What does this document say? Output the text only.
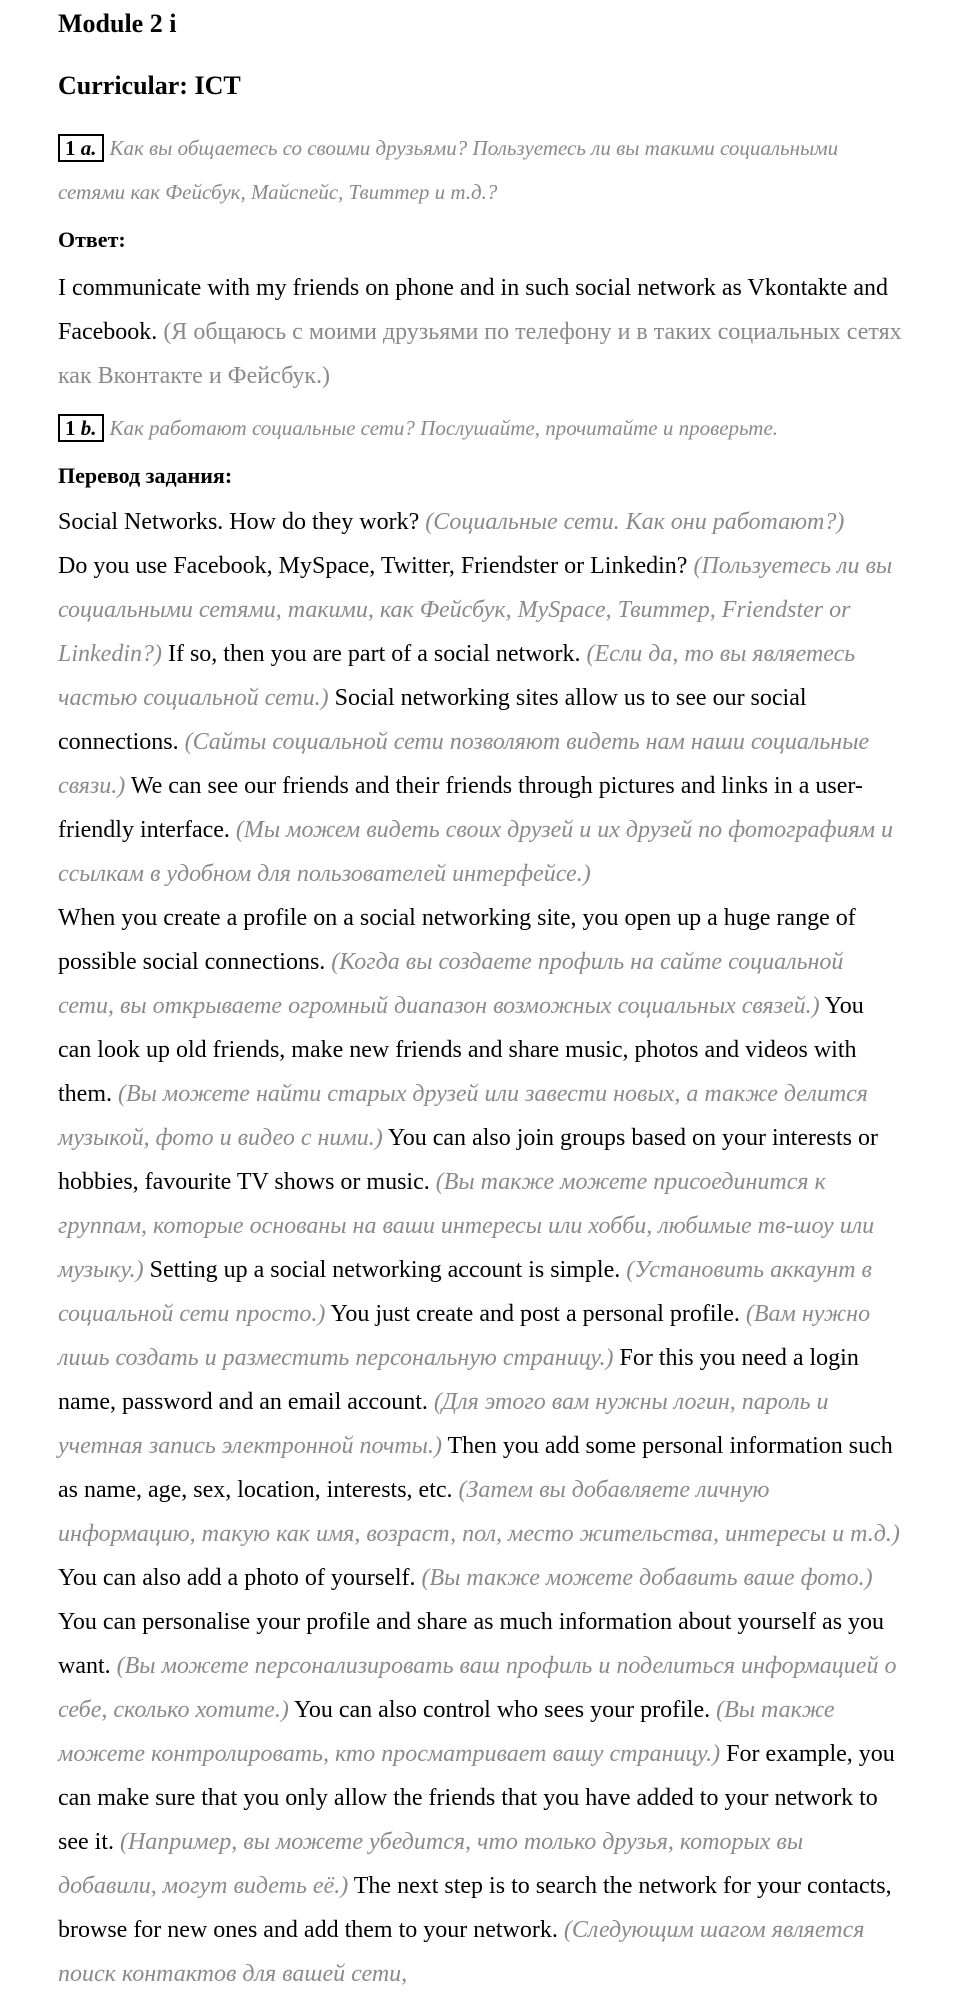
Module 2 i
Curricular: ICT

1 a. Как вы общаетесь со своими друзьями? Пользуетесь ли вы такими социальными сетями как Фейсбук, Майспейс, Твиттер и т.д.?

Ответ:

I communicate with my friends on phone and in such social network as Vkontakte and Facebook. (Я общаюсь с моими друзьями по телефону и в таких социальных сетях как Вконтакте и Фейсбук.)

1 b. Как работают социальные сети? Послушайте, прочитайте и проверьте.

Перевод задания:

Social Networks. How do they work? (Социальные сети. Как они работают?)

Do you use Facebook, MySpace, Twitter, Friendster or Linkedin? (Пользуетесь ли вы социальными сетями, такими, как Фейсбук, MySpace, Твиттер, Friendster or Linkedin?) If so, then you are part of a social network. (Если да, то вы являетесь частью социальной сети.) Social networking sites allow us to see our social connections. (Сайты социальной сети позволяют видеть нам наши социальные связи.) We can see our friends and their friends through pictures and links in a user-friendly interface. (Мы можем видеть своих друзей и их друзей по фотографиям и ссылкам в удобном для пользователей интерфейсе.)

When you create a profile on a social networking site, you open up a huge range of possible social connections. (Когда вы создаете профиль на сайте социальной сети, вы открываете огромный диапазон возможных социальных связей.) You can look up old friends, make new friends and share music, photos and videos with them. (Вы можете найти старых друзей или завести новых, а также делится музыкой, фото и видео с ними.) You can also join groups based on your interests or hobbies, favourite TV shows or music. (Вы также можете присоединится к группам, которые основаны на ваши интересы или хобби, любимые тв-шоу или музыку.) Setting up a social networking account is simple. (Установить аккаунт в социальной сети просто.) You just create and post a personal profile. (Вам нужно лишь создать и разместить персональную страницу.) For this you need a login name, password and an email account. (Для этого вам нужны логин, пароль и учетная запись электронной почты.) Then you add some personal information such as name, age, sex, location, interests, etc. (Затем вы добавляете личную информацию, такую как имя, возраст, пол, место жительства, интересы и т.д.) You can also add a photo of yourself. (Вы также можете добавить ваше фото.) You can personalise your profile and share as much information about yourself as you want. (Вы можете персонализировать ваш профиль и поделиться информацией о себе, сколько хотите.) You can also control who sees your profile. (Вы также можете контролировать, кто просматривает вашу страницу.) For example, you can make sure that you only allow the friends that you have added to your network to see it. (Например, вы можете убедится, что только друзья, которых вы добавили, могут видеть её.) The next step is to search the network for your contacts, browse for new ones and add them to your network. (Следующим шагом является поиск контактов для вашей сети,
